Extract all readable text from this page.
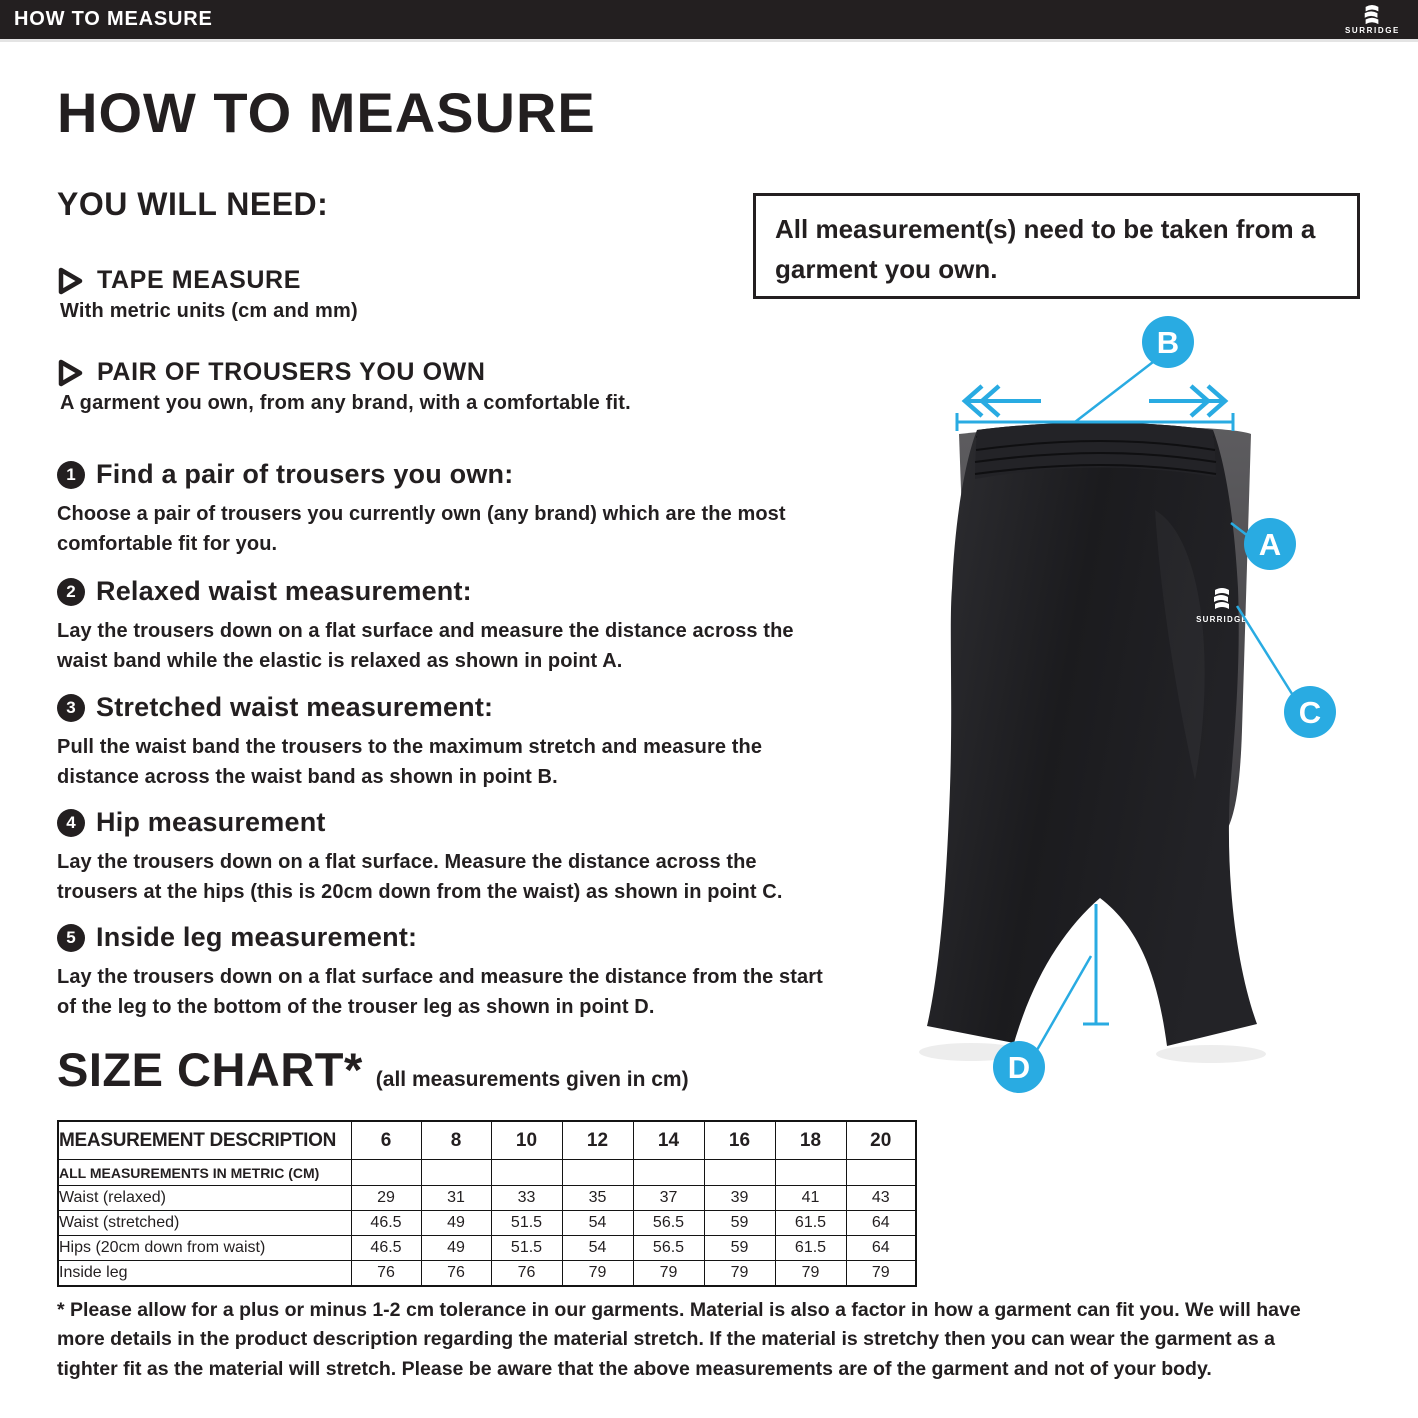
HOW TO MEASURE	SURRIDGE
HOW TO MEASURE
YOU WILL NEED:
TAPE MEASURE
With metric units (cm and mm)
PAIR OF TROUSERS YOU OWN
A garment you own, from any brand, with a comfortable fit.
1 Find a pair of trousers you own:
Choose a pair of trousers you currently own (any brand) which are the most comfortable fit for you.
2 Relaxed waist measurement:
Lay the trousers down on a flat surface and measure the distance across the waist band while the elastic is relaxed as shown in point A.
3 Stretched waist measurement:
Pull the waist band the trousers to the maximum stretch and measure the distance across the waist band as shown in point B.
4 Hip measurement
Lay the trousers down on a flat surface. Measure the distance across the trousers at the hips (this is 20cm down from the waist) as shown in point C.
5 Inside leg measurement:
Lay the trousers down on a flat surface and measure the distance from the start of the leg to the bottom of the trouser leg as shown in point D.
All measurement(s) need to be taken from a garment you own.
SURRIDGE
A
B
C
D
SIZE CHART* (all measurements given in cm)
MEASUREMENT DESCRIPTION	6	8	10	12	14	16	18	20
ALL MEASUREMENTS IN METRIC (CM)								
Waist (relaxed)	29	31	33	35	37	39	41	43
Waist (stretched)	46.5	49	51.5	54	56.5	59	61.5	64
Hips (20cm down from waist)	46.5	49	51.5	54	56.5	59	61.5	64
Inside leg	76	76	76	79	79	79	79	79
* Please allow for a plus or minus 1-2 cm tolerance in our garments. Material is also a factor in how a garment can fit you. We will have more details in the product description regarding the material stretch. If the material is stretchy then you can wear the garment as a tighter fit as the material will stretch. Please be aware that the above measurements are of the garment and not of your body.
